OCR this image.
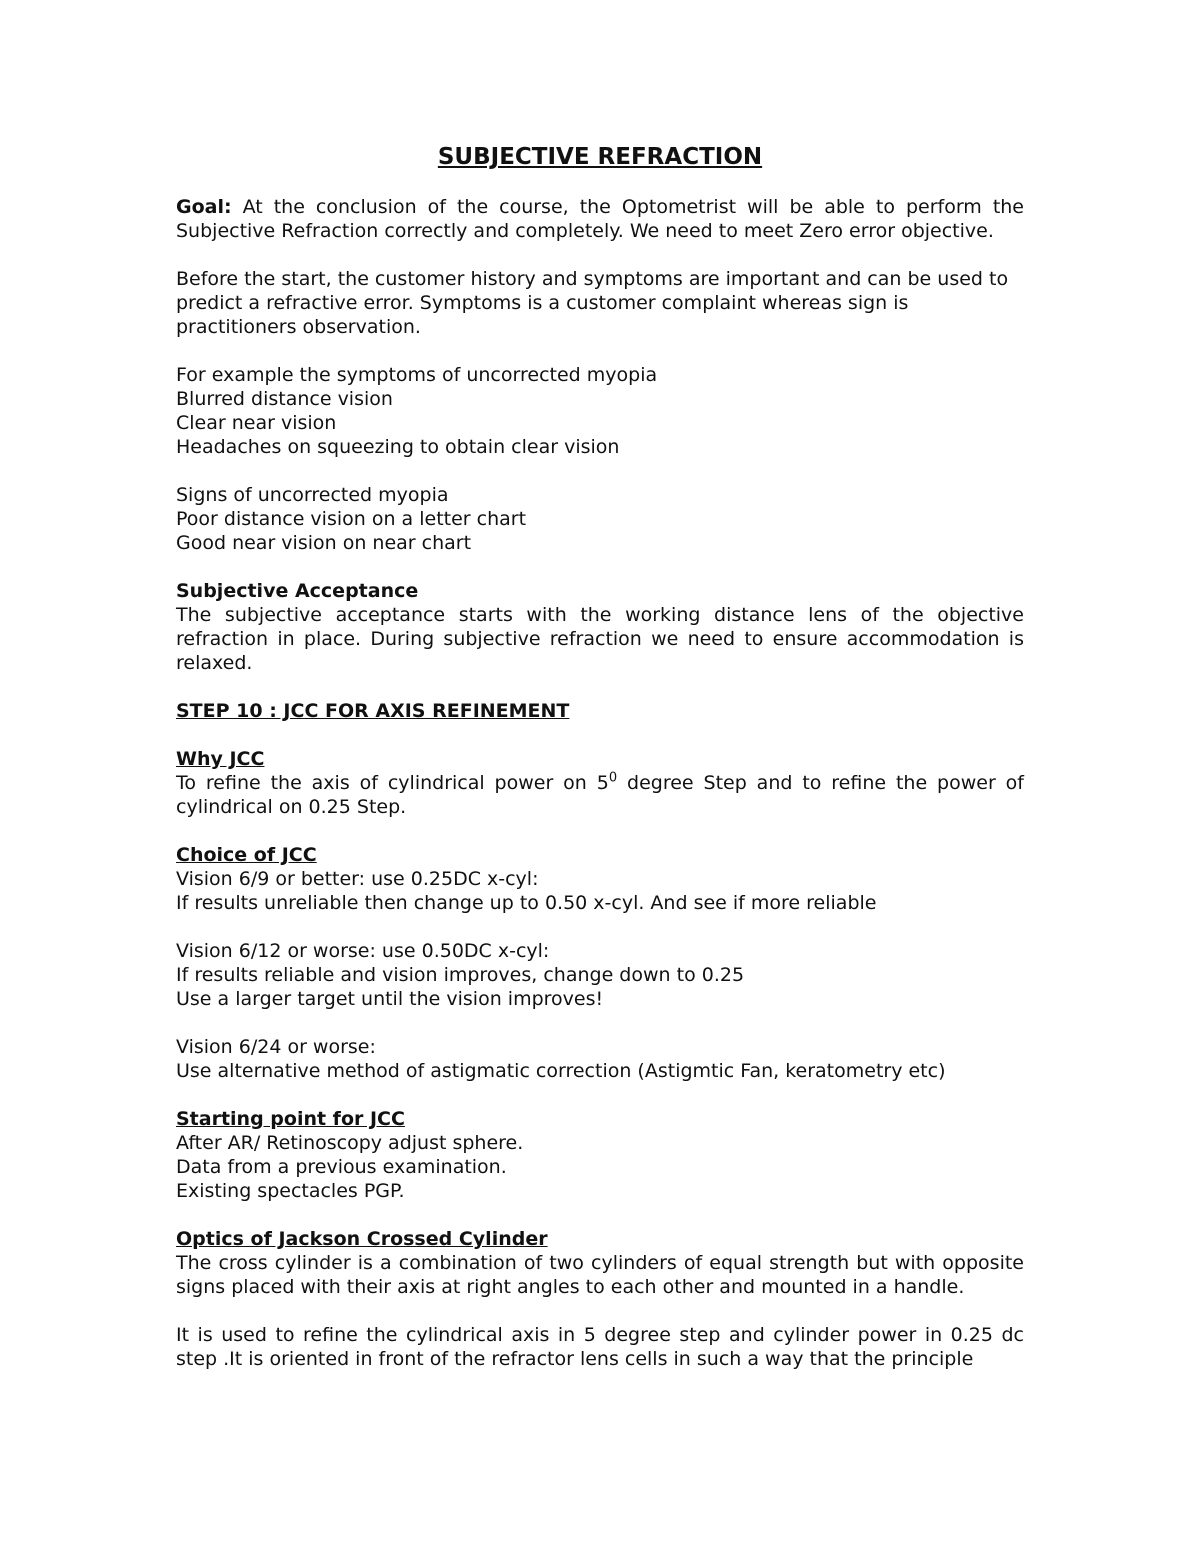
SUBJECTIVE REFRACTION

Goal: At the conclusion of the course, the Optometrist will be able to perform the Subjective Refraction correctly and completely. We need to meet Zero error objective.

Before the start, the customer history and symptoms are important and can be used to predict a refractive error. Symptoms is a customer complaint whereas sign is practitioners observation.

For example the symptoms of uncorrected myopia
Blurred distance vision
Clear near vision
Headaches on squeezing to obtain clear vision

Signs of uncorrected myopia
Poor distance vision on a letter chart
Good near vision on near chart

Subjective Acceptance
The subjective acceptance starts with the working distance lens of the objective refraction in place. During subjective refraction we need to ensure accommodation is relaxed.

STEP 10 : JCC FOR AXIS REFINEMENT

Why JCC
To refine the axis of cylindrical power on $5^0$ degree Step and to refine the power of cylindrical on 0.25 Step.

Choice of JCC
Vision 6/9 or better: use 0.25DC x-cyl:
If results unreliable then change up to 0.50 x-cyl. And see if more reliable

Vision 6/12 or worse: use 0.50DC x-cyl:
If results reliable and vision improves, change down to 0.25
Use a larger target until the vision improves!

Vision 6/24 or worse:
Use alternative method of astigmatic correction (Astigmtic Fan, keratometry etc)

Starting point for JCC
After AR/ Retinoscopy adjust sphere.
Data from a previous examination.
Existing spectacles PGP.

Optics of Jackson Crossed Cylinder
The cross cylinder is a combination of two cylinders of equal strength but with opposite signs placed with their axis at right angles to each other and mounted in a handle.

It is used to refine the cylindrical axis in 5 degree step and cylinder power in 0.25 dc step .It is oriented in front of the refractor lens cells in such a way that the principle
